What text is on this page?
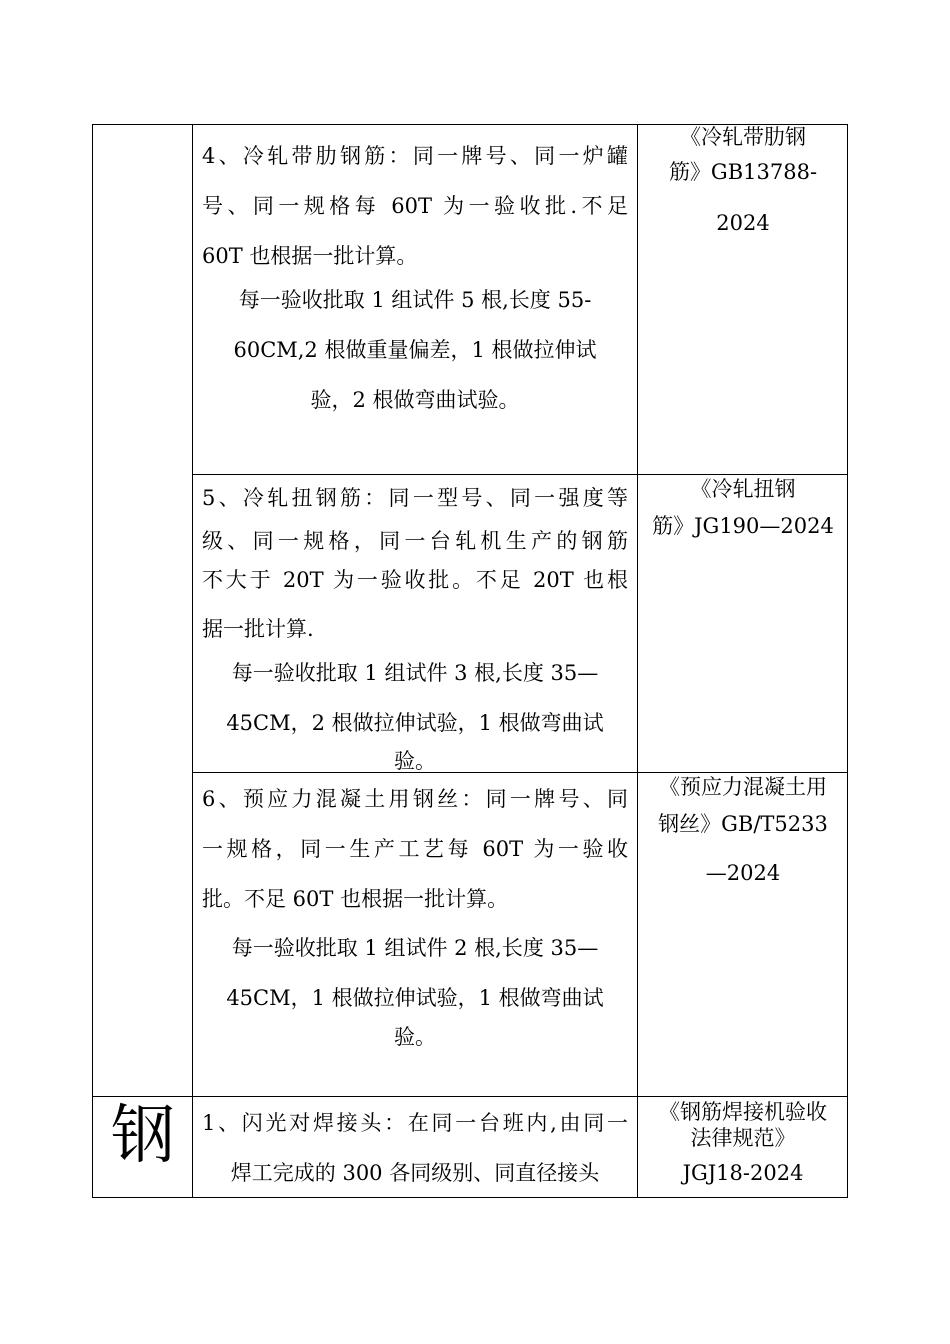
4、冷轧带肋钢筋：同一牌号、同一炉罐

号、同一规格每 60T 为一验收批.不足

60T 也根据一批计算。

每一验收批取 1 组试件 5 根,长度 55-

60CM,2 根做重量偏差，1 根做拉伸试

验，2 根做弯曲试验。

《冷轧带肋钢

筋》GB13788-

2024

5、冷轧扭钢筋：同一型号、同一强度等

级、同一规格，同一台轧机生产的钢筋

不大于 20T 为一验收批。不足 20T 也根

据一批计算.

每一验收批取 1 组试件 3 根,长度 35—

45CM，2 根做拉伸试验，1 根做弯曲试

验。

《冷轧扭钢

筋》JG190—2024

6、预应力混凝土用钢丝：同一牌号、同

一规格，同一生产工艺每 60T 为一验收

批。不足 60T 也根据一批计算。

每一验收批取 1 组试件 2 根,长度 35—

45CM，1 根做拉伸试验，1 根做弯曲试

验。

《预应力混凝土用

钢丝》GB/T5233

—2024

钢	1、闪光对焊接头：在同一台班内,由同一

焊工完成的 300 各同级别、同直径接头

《钢筋焊接机验收

法律规范》

JGJ18-2024
